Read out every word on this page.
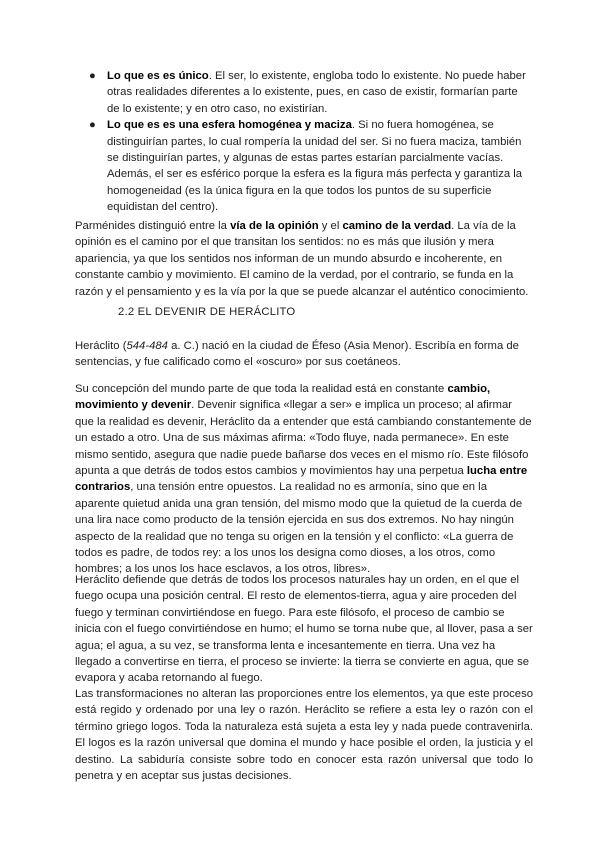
● Lo que es es único. El ser, lo existente, engloba todo lo existente. No puede haber otras realidades diferentes a lo existente, pues, en caso de existir, formarían parte de lo existente; y en otro caso, no existirían.
● Lo que es es una esfera homogénea y maciza. Si no fuera homogénea, se distinguirían partes, lo cual rompería la unidad del ser. Si no fuera maciza, también se distinguirían partes, y algunas de estas partes estarían parcialmente vacías. Además, el ser es esférico porque la esfera es la figura más perfecta y garantiza la homogeneidad (es la única figura en la que todos los puntos de su superficie equidistan del centro).

Parménides distinguió entre la vía de la opinión y el camino de la verdad. La vía de la opinión es el camino por el que transitan los sentidos: no es más que ilusión y mera apariencia, ya que los sentidos nos informan de un mundo absurdo e incoherente, en constante cambio y movimiento. El camino de la verdad, por el contrario, se funda en la razón y el pensamiento y es la vía por la que se puede alcanzar el auténtico conocimiento.

2.2 EL DEVENIR DE HERÁCLITO

Heráclito (544-484 a. C.) nació en la ciudad de Éfeso (Asia Menor). Escribía en forma de sentencias, y fue calificado como el «oscuro» por sus coetáneos.

Su concepción del mundo parte de que toda la realidad está en constante cambio, movimiento y devenir. Devenir significa «llegar a ser» e implica un proceso; al afirmar que la realidad es devenir, Heráclito da a entender que está cambiando constantemente de un estado a otro. Una de sus máximas afirma: «Todo fluye, nada permanece». En este mismo sentido, asegura que nadie puede bañarse dos veces en el mismo río. Este filósofo apunta a que detrás de todos estos cambios y movimientos hay una perpetua lucha entre contrarios, una tensión entre opuestos. La realidad no es armonía, sino que en la aparente quietud anida una gran tensión, del mismo modo que la quietud de la cuerda de una lira nace como producto de la tensión ejercida en sus dos extremos. No hay ningún aspecto de la realidad que no tenga su origen en la tensión y el conflicto: «La guerra de todos es padre, de todos rey: a los unos los designa como dioses, a los otros, como hombres; a los unos los hace esclavos, a los otros, libres».

Heráclito defiende que detrás de todos los procesos naturales hay un orden, en el que el fuego ocupa una posición central. El resto de elementos-tierra, agua y aire proceden del fuego y terminan convirtiéndose en fuego. Para este filósofo, el proceso de cambio se inicia con el fuego convirtiéndose en humo; el humo se torna nube que, al llover, pasa a ser agua; el agua, a su vez, se transforma lenta e incesantemente en tierra. Una vez ha llegado a convertirse en tierra, el proceso se invierte: la tierra se convierte en agua, que se evapora y acaba retornando al fuego.

Las transformaciones no alteran las proporciones entre los elementos, ya que este proceso está regido y ordenado por una ley o razón. Heráclito se refiere a esta ley o razón con el término griego logos. Toda la naturaleza está sujeta a esta ley y nada puede contravenirla. El logos es la razón universal que domina el mundo y hace posible el orden, la justicia y el destino. La sabiduría consiste sobre todo en conocer esta razón universal que todo lo penetra y en aceptar sus justas decisiones.
